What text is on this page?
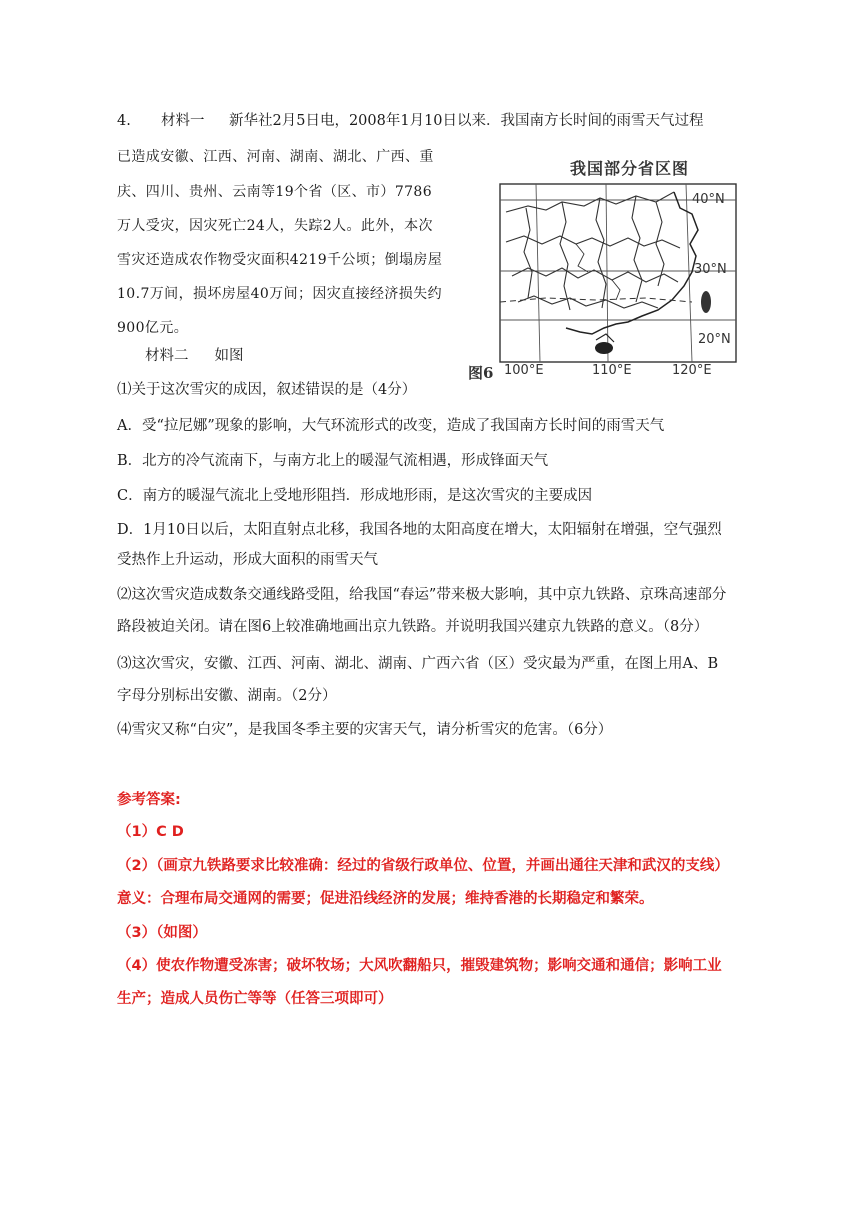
4. 材料一 新华社2月5日电，2008年1月10日以来．我国南方长时间的雨雪天气过程
已造成安徽、江西、河南、湖南、湖北、广西、重
庆、四川、贵州、云南等19个省（区、市）7786
万人受灾，因灾死亡24人，失踪2人。此外，本次
雪灾还造成农作物受灾面积4219千公顷；倒塌房屋
10.7万间，损坏房屋40万间；因灾直接经济损失约
900亿元。
材料二 如图
我国部分省区图
40°N
30°N
20°N
图6 100°E	110°E	120°E
⑴关于这次雪灾的成因，叙述错误的是（4分）
A．受“拉尼娜”现象的影响，大气环流形式的改变，造成了我国南方长时间的雨雪天气
B．北方的冷气流南下，与南方北上的暖湿气流相遇，形成锋面天气
C．南方的暖湿气流北上受地形阻挡．形成地形雨，是这次雪灾的主要成因
D．1月10日以后，太阳直射点北移，我国各地的太阳高度在增大，太阳辐射在增强，空气强烈
受热作上升运动，形成大面积的雨雪天气
⑵这次雪灾造成数条交通线路受阻，给我国“春运”带来极大影响，其中京九铁路、京珠高速部分
路段被迫关闭。请在图6上较准确地画出京九铁路。并说明我国兴建京九铁路的意义。（8分）
⑶这次雪灾，安徽、江西、河南、湖北、湖南、广西六省（区）受灾最为严重，在图上用A、B
字母分别标出安徽、湖南。（2分）
⑷雪灾又称“白灾”，是我国冬季主要的灾害天气，请分析雪灾的危害。（6分）
参考答案:
（1）C D
（2）（画京九铁路要求比较准确：经过的省级行政单位、位置，并画出通往天津和武汉的支线）
意义：合理布局交通网的需要；促进沿线经济的发展；维持香港的长期稳定和繁荣。
（3）（如图）
（4）使农作物遭受冻害；破坏牧场；大风吹翻船只，摧毁建筑物；影响交通和通信；影响工业
生产；造成人员伤亡等等（任答三项即可）
